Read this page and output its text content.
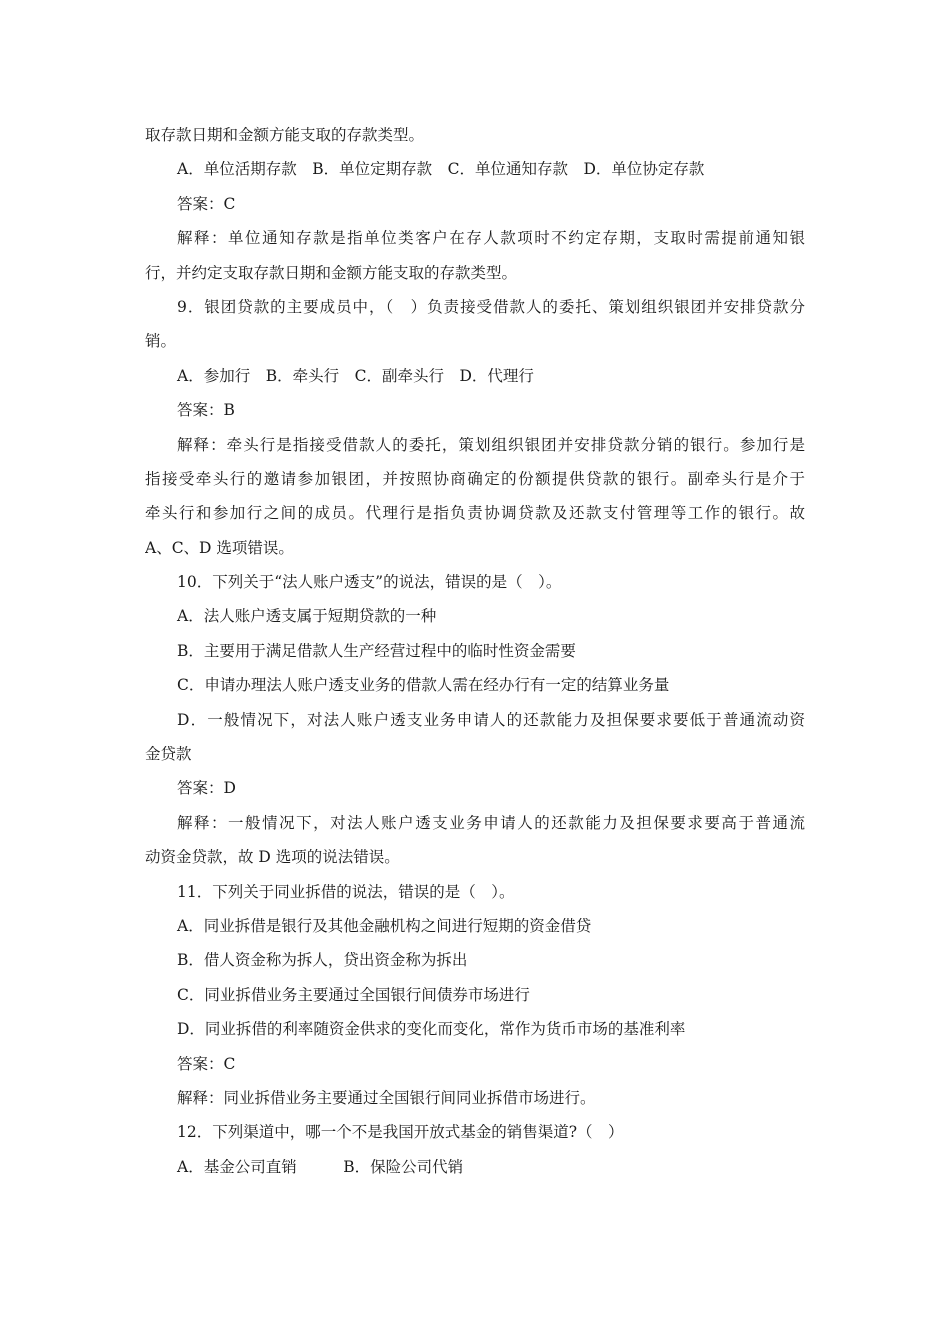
取存款日期和金额方能支取的存款类型。
A．单位活期存款　B．单位定期存款　C．单位通知存款　D．单位协定存款
答案：C
解释：单位通知存款是指单位类客户在存人款项时不约定存期，支取时需提前通知银
行，并约定支取存款日期和金额方能支取的存款类型。
9．银团贷款的主要成员中，（　）负责接受借款人的委托、策划组织银团并安排贷款分
销。
A．参加行　B．牵头行　C．副牵头行　D．代理行
答案：B
解释：牵头行是指接受借款人的委托，策划组织银团并安排贷款分销的银行。参加行是
指接受牵头行的邀请参加银团，并按照协商确定的份额提供贷款的银行。副牵头行是介于
牵头行和参加行之间的成员。代理行是指负责协调贷款及还款支付管理等工作的银行。故
A、C、D 选项错误。
10．下列关于“法人账户透支”的说法，错误的是（　）。
A．法人账户透支属于短期贷款的一种
B．主要用于满足借款人生产经营过程中的临时性资金需要
C．申请办理法人账户透支业务的借款人需在经办行有一定的结算业务量
D．一般情况下，对法人账户透支业务申请人的还款能力及担保要求要低于普通流动资
金贷款
答案：D
解释：一般情况下，对法人账户透支业务申请人的还款能力及担保要求要高于普通流
动资金贷款，故 D 选项的说法错误。
11．下列关于同业拆借的说法，错误的是（　）。
A．同业拆借是银行及其他金融机构之间进行短期的资金借贷
B．借人资金称为拆人，贷出资金称为拆出
C．同业拆借业务主要通过全国银行间债券市场进行
D．同业拆借的利率随资金供求的变化而变化，常作为货币市场的基准利率
答案：C
解释：同业拆借业务主要通过全国银行间同业拆借市场进行。
12．下列渠道中，哪一个不是我国开放式基金的销售渠道?（　）
A．基金公司直销　　　B．保险公司代销
